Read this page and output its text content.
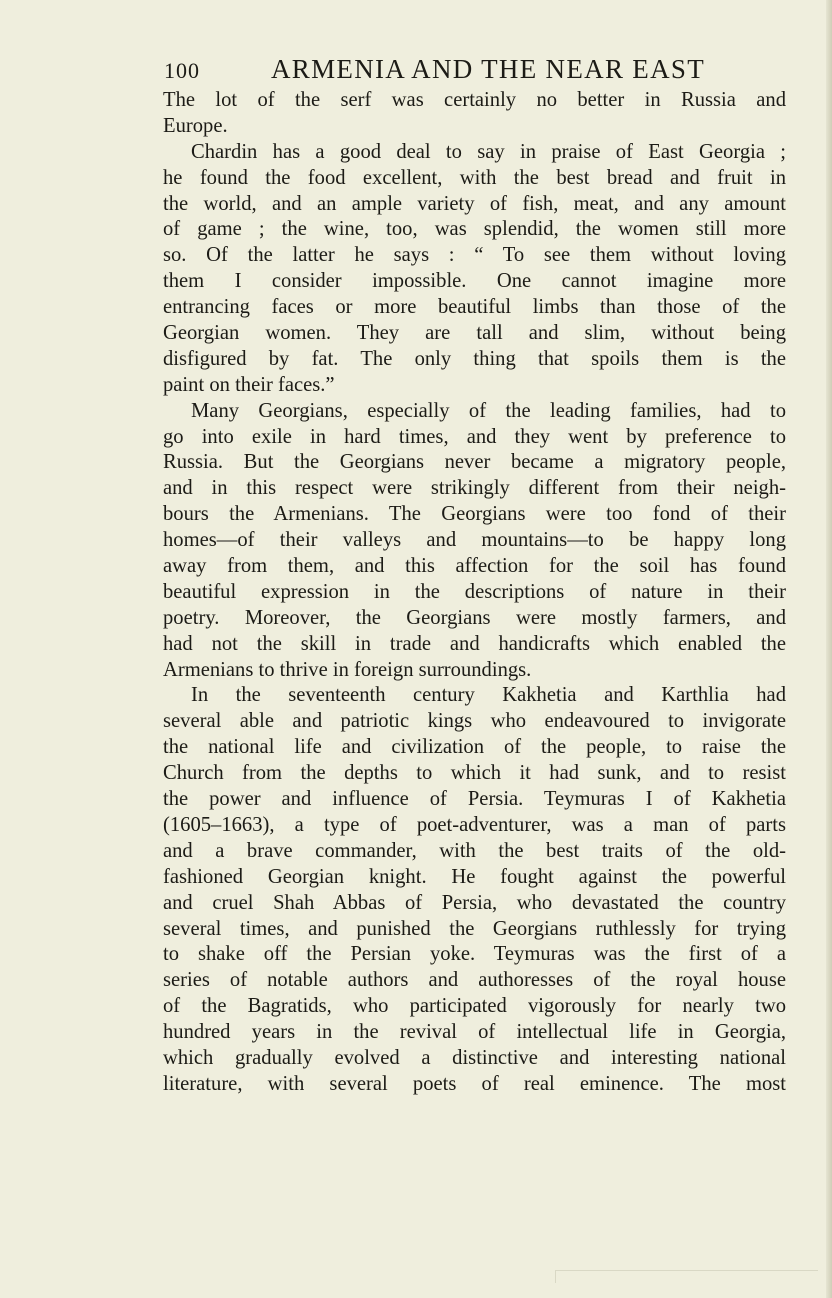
100	ARMENIA AND THE NEAR EAST
The lot of the serf was certainly no better in Russia and
Europe.
Chardin has a good deal to say in praise of East Georgia ;
he found the food excellent, with the best bread and fruit in
the world, and an ample variety of fish, meat, and any amount
of game ; the wine, too, was splendid, the women still more
so. Of the latter he says : “ To see them without loving
them I consider impossible. One cannot imagine more
entrancing faces or more beautiful limbs than those of the
Georgian women. They are tall and slim, without being
disfigured by fat. The only thing that spoils them is the
paint on their faces.”
Many Georgians, especially of the leading families, had to
go into exile in hard times, and they went by preference to
Russia. But the Georgians never became a migratory people,
and in this respect were strikingly different from their neigh-
bours the Armenians. The Georgians were too fond of their
homes—of their valleys and mountains—to be happy long
away from them, and this affection for the soil has found
beautiful expression in the descriptions of nature in their
poetry. Moreover, the Georgians were mostly farmers, and
had not the skill in trade and handicrafts which enabled the
Armenians to thrive in foreign surroundings.
In the seventeenth century Kakhetia and Karthlia had
several able and patriotic kings who endeavoured to invigorate
the national life and civilization of the people, to raise the
Church from the depths to which it had sunk, and to resist
the power and influence of Persia. Teymuras I of Kakhetia
(1605–1663), a type of poet-adventurer, was a man of parts
and a brave commander, with the best traits of the old-
fashioned Georgian knight. He fought against the powerful
and cruel Shah Abbas of Persia, who devastated the country
several times, and punished the Georgians ruthlessly for trying
to shake off the Persian yoke. Teymuras was the first of a
series of notable authors and authoresses of the royal house
of the Bagratids, who participated vigorously for nearly two
hundred years in the revival of intellectual life in Georgia,
which gradually evolved a distinctive and interesting national
literature, with several poets of real eminence. The most
